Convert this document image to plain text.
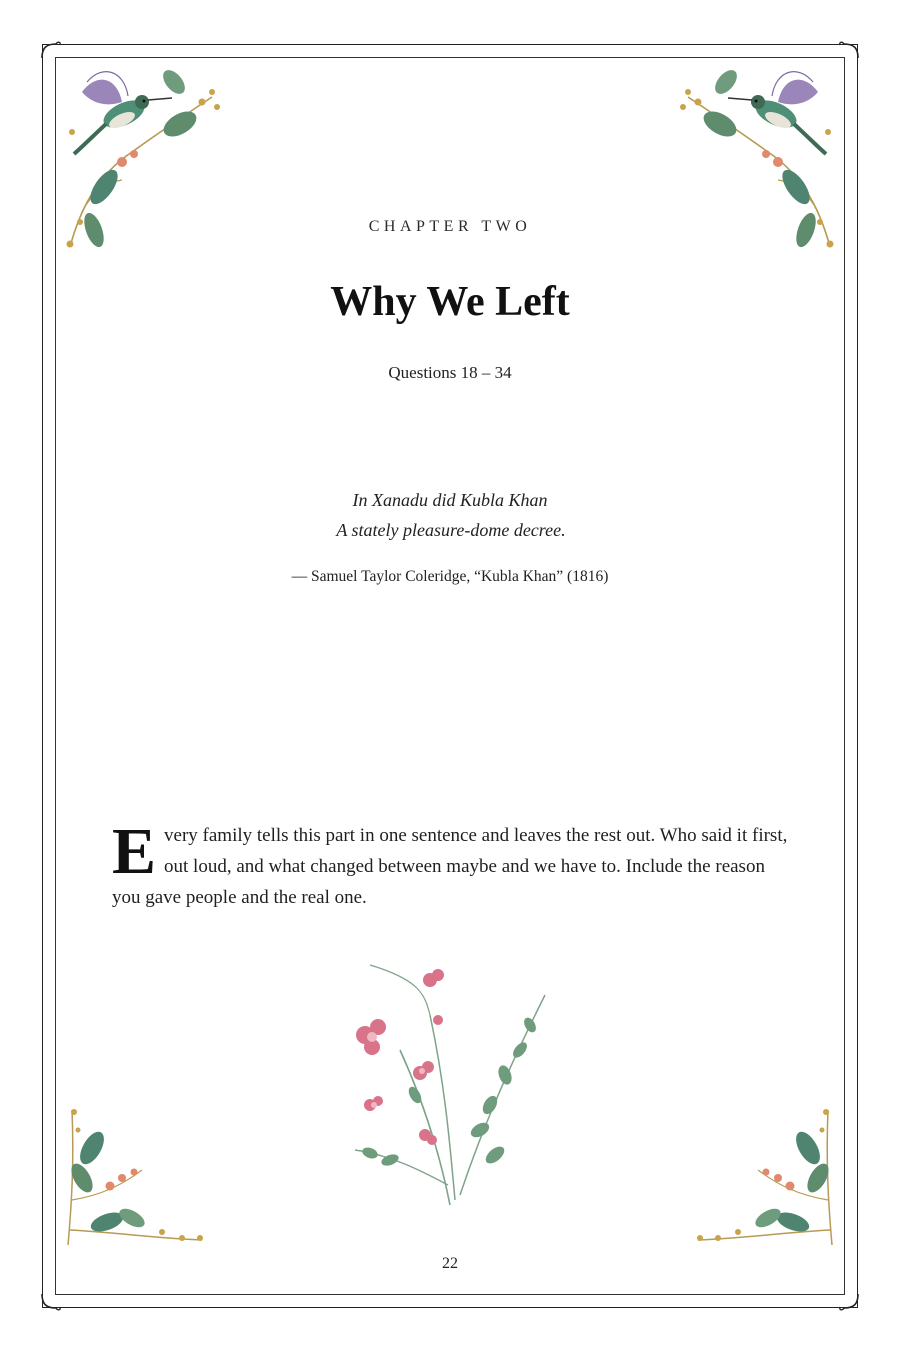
CHAPTER TWO
Why We Left
Questions 18 – 34
In Xanadu did Kubla Khan
A stately pleasure-dome decree.
— Samuel Taylor Coleridge, “Kubla Khan” (1816)
Every family tells this part in one sentence and leaves the rest out. Who said it first, out loud, and what changed between maybe and we have to. Include the reason you gave people and the real one.
22
